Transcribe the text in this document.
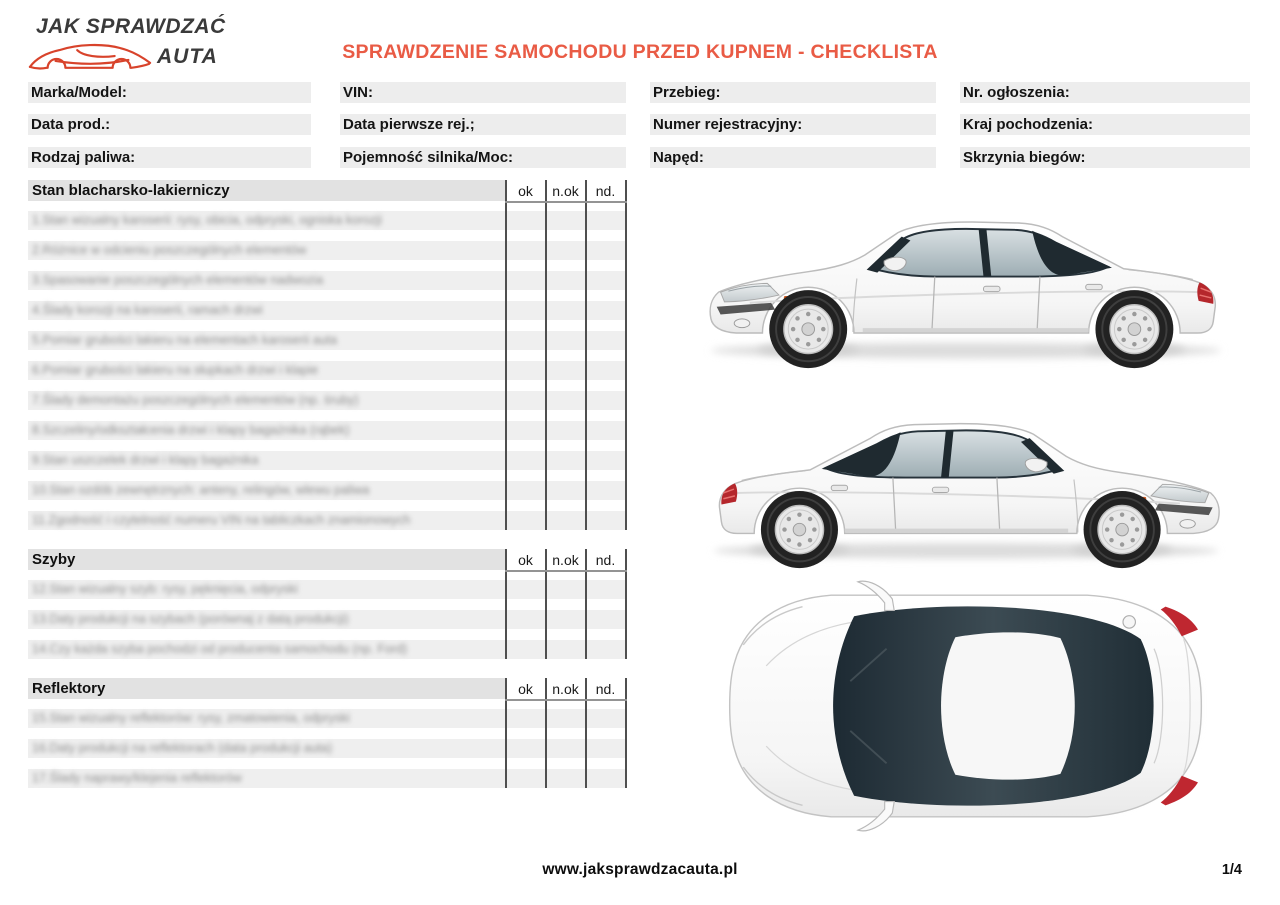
JAK SPRAWDZAĆ
AUTA	SPRAWDZENIE SAMOCHODU PRZED KUPNEM - CHECKLISTA
Marka/Model:	VIN:	Przebieg:	Nr. ogłoszenia:
Data prod.:	Data pierwsze rej.;	Numer rejestracyjny:	Kraj pochodzenia:
Rodzaj paliwa:	Pojemność silnika/Moc:	Napęd:	Skrzynia biegów:
Stan blacharsko-lakierniczy	ok	n.ok	nd.
1.Stan wizualny karoserii: rysy, obicia, odpryski, ogniska korozji
2.Różnice w odcieniu poszczególnych elementów
3.Spasowanie poszczególnych elementów nadwozia
4.Ślady korozji na karoserii, ramach drzwi
5.Pomiar grubości lakieru na elementach karoserii auta
6.Pomiar grubości lakieru na słupkach drzwi i klapie
7.Ślady demontażu poszczególnych elementów (np. śruby)
8.Szczeliny/odkształcenia drzwi i klapy bagażnika (rąbek)
9.Stan uszczelek drzwi i klapy bagażnika
10.Stan ozdób zewnętrznych: anteny, relingów, wlewu paliwa
11.Zgodność i czytelność numeru VIN na tabliczkach znamionowych
Szyby	ok	n.ok	nd.
12.Stan wizualny szyb: rysy, pęknięcia, odpryski
13.Daty produkcji na szybach (porównaj z datą produkcji)
14.Czy każda szyba pochodzi od producenta samochodu (np. Ford)
Reflektory	ok	n.ok	nd.
15.Stan wizualny reflektorów: rysy, zmatowienia, odpryski
16.Daty produkcji na reflektorach (data produkcji auta)
17.Ślady naprawy/klejenia reflektorów
www.jaksprawdzacauta.pl	1/4
